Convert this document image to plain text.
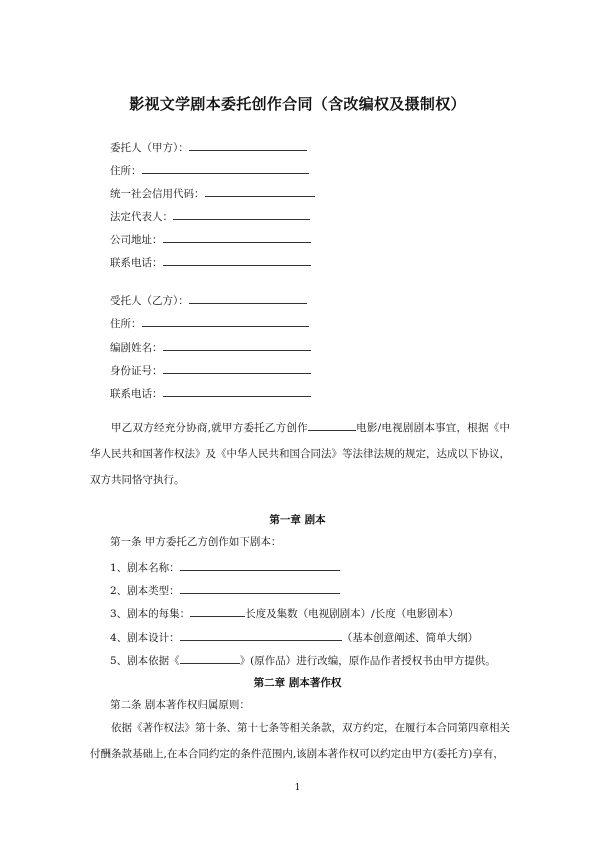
影视文学剧本委托创作合同（含改编权及摄制权）
委托人（甲方）：
住所：
统一社会信用代码：
法定代表人：
公司地址：
联系电话：
受托人（乙方）：
住所：
编剧姓名：
身份证号：
联系电话：

甲乙双方经充分协商,就甲方委托乙方创作	电影/电视剧剧本事宜，根据《中华人民共和国著作权法》及《中华人民共和国合同法》等法律法规的规定，达成以下协议，双方共同恪守执行。

第一章 剧本
第一条 甲方委托乙方创作如下剧本：
1、剧本名称：
2、剧本类型：
3、剧本的每集：	长度及集数（电视剧剧本）/长度（电影剧本）
4、剧本设计：	（基本创意阐述、简单大纲）
5、剧本依据《	》(原作品）进行改编，原作品作者授权书由甲方提供。
第二章 剧本著作权
第二条 剧本著作权归属原则：

依据《著作权法》第十条、第十七条等相关条款，双方约定，在履行本合同第四章相关付酬条款基础上,在本合同约定的条件范围内,该剧本著作权可以约定由甲方(委托方)享有，

1
